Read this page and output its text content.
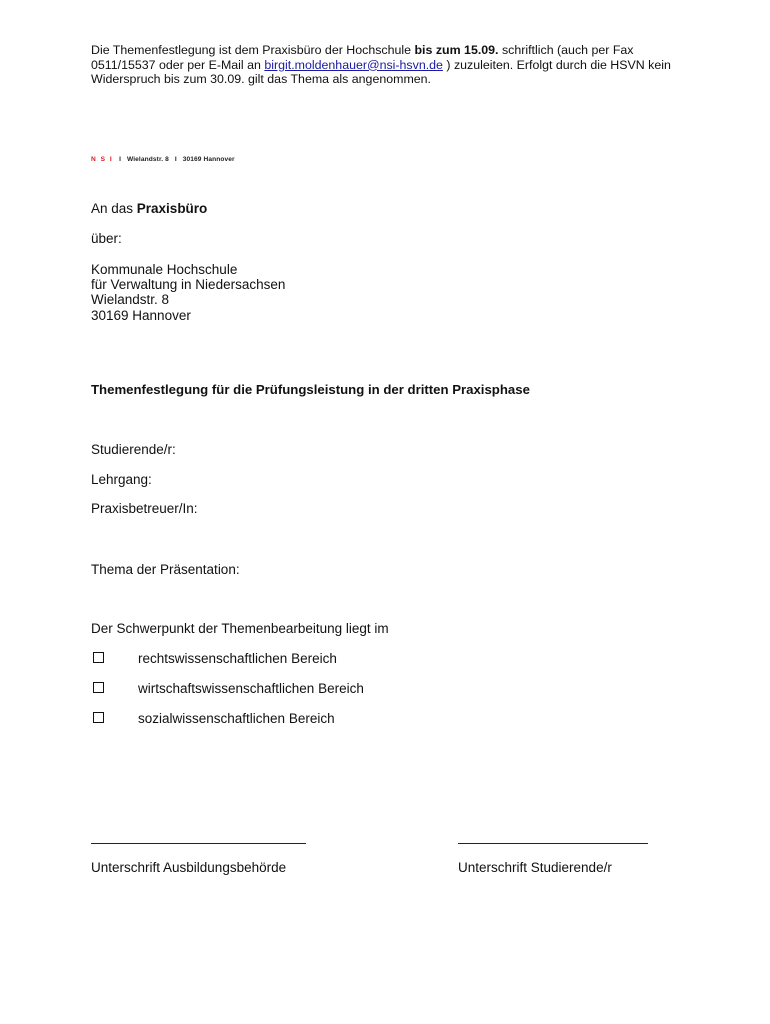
Die Themenfestlegung ist dem Praxisbüro der Hochschule bis zum 15.09. schriftlich (auch per Fax 0511/15537 oder per E-Mail an birgit.moldenhauer@nsi-hsvn.de ) zuzuleiten. Erfolgt durch die HSVN kein Widerspruch bis zum 30.09. gilt das Thema als angenommen.
N S I I Wielandstr. 8 I 30169 Hannover
An das Praxisbüro
über:
Kommunale Hochschule
für Verwaltung in Niedersachsen
Wielandstr. 8
30169 Hannover
Themenfestlegung für die Prüfungsleistung in der dritten Praxisphase
Studierende/r:
Lehrgang:
Praxisbetreuer/In:
Thema der Präsentation:
Der Schwerpunkt der Themenbearbeitung liegt im
rechtswissenschaftlichen Bereich
wirtschaftswissenschaftlichen Bereich
sozialwissenschaftlichen Bereich
Unterschrift Ausbildungsbehörde	Unterschrift Studierende/r
